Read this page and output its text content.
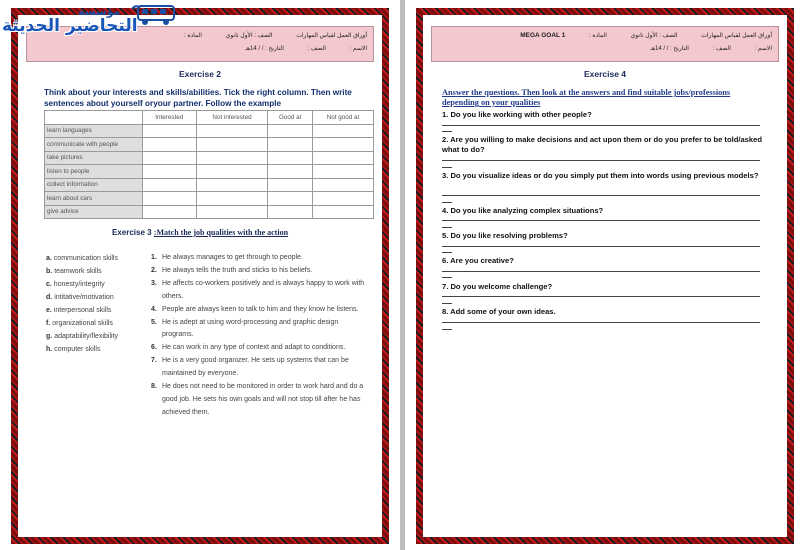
أوراق العمل لقياس المهارات الصف : الأول ثانوي المادة :
الاسم : الصف : التاريخ : / / 14هـ
مؤسسة
التحاضير الحديثة
Exercise 2
Think about your interests and skills/abilities. Tick the right column. Then write sentences about yourself oryour partner. Follow the example
	Interested	Not interested	Good at	Not good at
learn languages				
communicate with people				
take pictures				
listen to people				
collect information				
learn about cars				
give advice				
Exercise 3 :Match the job qualities with the action
a. communication skills
b. teamwork skills
c. honesty/integrity
d. intitative/motivation
e. interpersonal skills
f. organizational skills
g. adaptability/flexibility
h. computer skills
1. He always manages to get through to people.
2. He always tells the truth and sticks to his beliefs.
3. He affects co-workers positively and is always happy to work with others.
4. People are always keen to talk to him and they know he listens.
5. He is adept at using word-processing and graphic design programs.
6. He can work in any type of context and adapt to conditions.
7. He is a very good organizer. He sets up systems that can be maintained by everyone.
8. He does not need to be monitored in order to work hard and do a good job. He sets his own goals and will not stop till after he has achieved them.
أوراق العمل لقياس المهارات الصف : الأول ثانوي المادة : MEGA GOAL 1
الاسم : الصف : التاريخ : / / 14هـ
Exercise 4
Answer the questions. Then look at the answers and find suitable jobs/professions depending on your qualities
1. Do you like working with other people?
2. Are you willing to make decisions and act upon them or do you prefer to be told/asked what to do?
3. Do you visualize ideas or do you simply put them into words using previous models?
4. Do you like analyzing complex situations?
5. Do you like resolving problems?
6. Are you creative?
7. Do you welcome challenge?
8. Add some of your own ideas.
